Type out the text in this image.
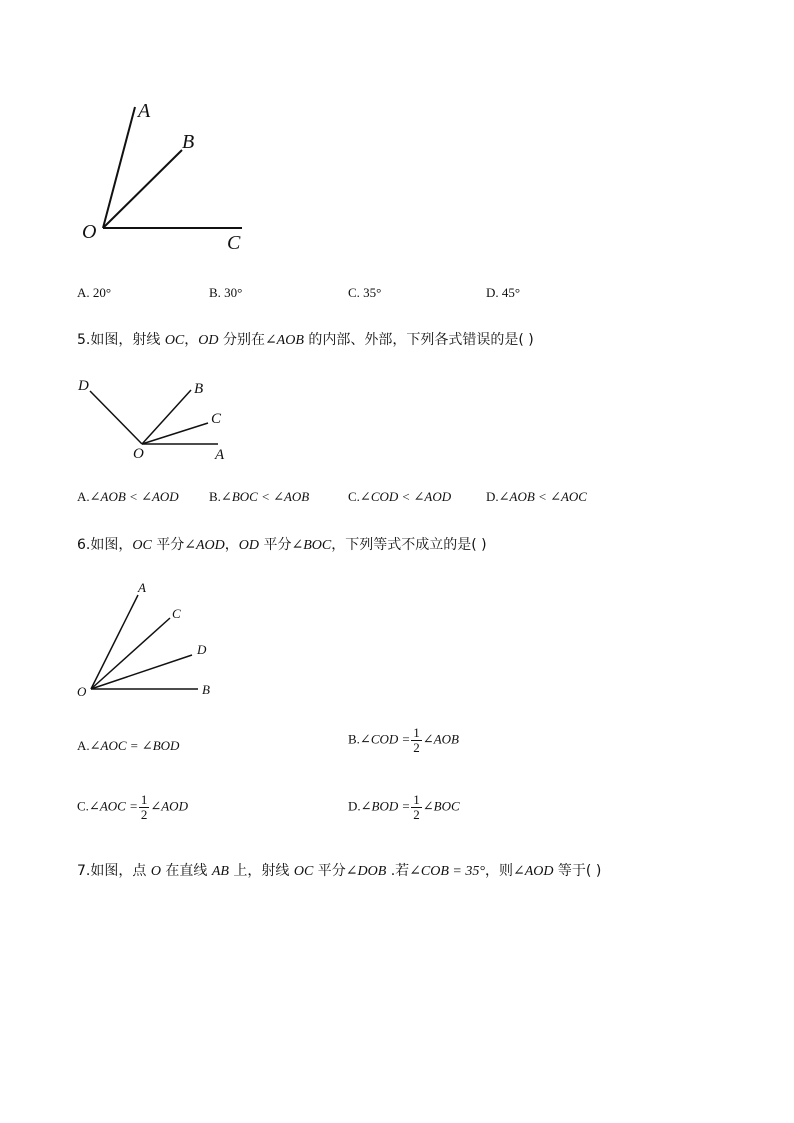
A
B
O	C
A. 20°	B. 30°	C. 35°	D. 45°
5.如图，射线 OC，OD 分别在∠AOB 的内部、外部，下列各式错误的是( )
D	B
C
O	A
A.∠AOB < ∠AOD B.∠BOC < ∠AOB	C.∠COD < ∠AOD	D.∠AOB < ∠AOC
6.如图，OC 平分∠AOD，OD 平分∠BOC，下列等式不成立的是( )
A
C
D
O	B
A.∠AOC = ∠BOD	B.∠COD = $\frac{1}{2}$ ∠AOB
C.∠AOC = $\frac{1}{2}$ ∠AOD	D.∠BOD = $\frac{1}{2}$ ∠BOC
7.如图，点 O 在直线 AB 上，射线 OC 平分∠DOB .若∠COB = 35°，则∠AOD 等于( )
